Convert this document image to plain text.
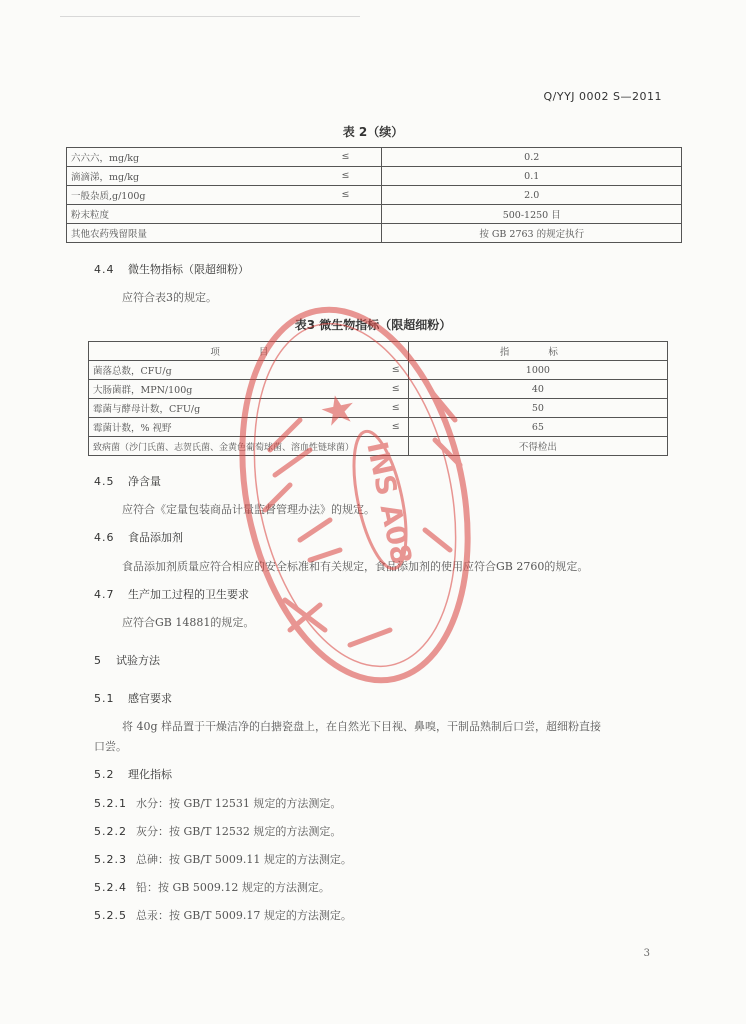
Q/YYJ 0002 S—2011
表 2（续）
六六六，mg/kg ≤	0.2
滴滴涕，mg/kg ≤	0.1
一般杂质,g/100g ≤	2.0
粉末粒度	500-1250 目
其他农药残留限量	按 GB 2763 的规定执行
4.4 微生物指标（限超细粉）
应符合表3的规定。
表3 微生物指标（限超细粉）
项 目	指 标
菌落总数，CFU/g ≤	1000
大肠菌群，MPN/100g ≤	40
霉菌与酵母计数，CFU/g ≤	50
霉菌计数，% 视野 ≤	65
致病菌（沙门氏菌、志贺氏菌、金黄色葡萄球菌、溶血性链球菌）	不得检出
4.5 净含量
应符合《定量包装商品计量监督管理办法》的规定。
4.6 食品添加剂
食品添加剂质量应符合相应的安全标准和有关规定，食品添加剂的使用应符合GB 2760的规定。
4.7 生产加工过程的卫生要求
应符合GB 14881的规定。
5 试验方法
5.1 感官要求
将 40g 样品置于干燥洁净的白搪瓷盘上，在自然光下目视、鼻嗅，干制品熟制后口尝，超细粉直接
口尝。
5.2 理化指标
5.2.1 水分：按 GB/T 12531 规定的方法测定。
5.2.2 灰分：按 GB/T 12532 规定的方法测定。
5.2.3 总砷：按 GB/T 5009.11 规定的方法测定。
5.2.4 铅：按 GB 5009.12 规定的方法测定。
5.2.5 总汞：按 GB/T 5009.17 规定的方法测定。
3
INS A08
